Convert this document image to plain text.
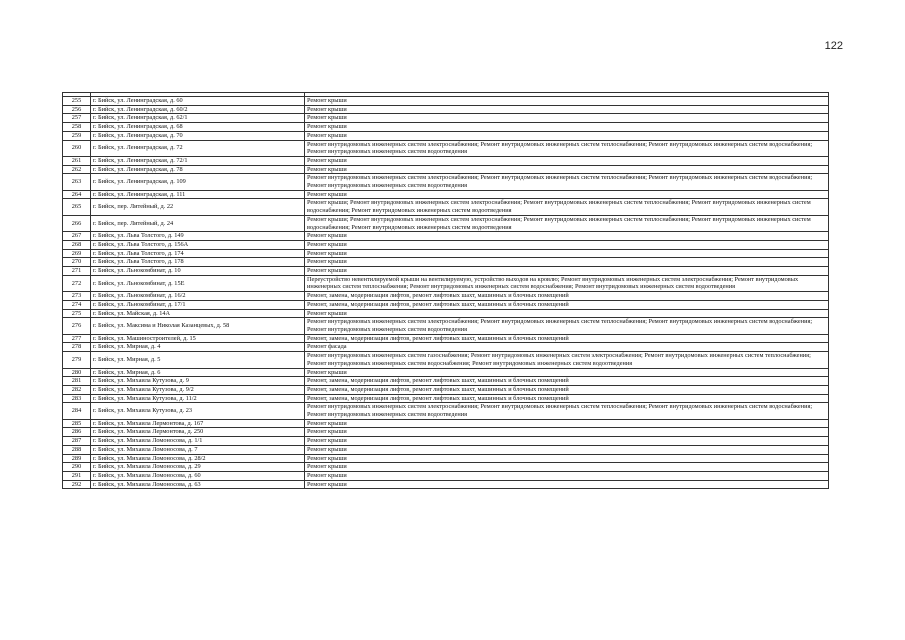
122

255	г. Бийск, ул. Ленинградская, д. 60	Ремонт крыши
256	г. Бийск, ул. Ленинградская, д. 60/2	Ремонт крыши
257	г. Бийск, ул. Ленинградская, д. 62/1	Ремонт крыши
258	г. Бийск, ул. Ленинградская, д. 68	Ремонт крыши
259	г. Бийск, ул. Ленинградская, д. 70	Ремонт крыши
260	г. Бийск, ул. Ленинградская, д. 72	Ремонт внутридомовых инженерных систем электроснабжения; Ремонт внутридомовых инженерных систем теплоснабжения; Ремонт внутридомовых инженерных систем водоснабжения; Ремонт внутридомовых инженерных систем водоотведения
261	г. Бийск, ул. Ленинградская, д. 72/1	Ремонт крыши
262	г. Бийск, ул. Ленинградская, д. 78	Ремонт крыши
263	г. Бийск, ул. Ленинградская, д. 109	Ремонт внутридомовых инженерных систем электроснабжения; Ремонт внутридомовых инженерных систем теплоснабжения; Ремонт внутридомовых инженерных систем водоснабжения; Ремонт внутридомовых инженерных систем водоотведения
264	г. Бийск, ул. Ленинградская, д. 111	Ремонт крыши
265	г. Бийск, пер. Литейный, д. 22	Ремонт крыши; Ремонт внутридомовых инженерных систем электроснабжения; Ремонт внутридомовых инженерных систем теплоснабжения; Ремонт внутридомовых инженерных систем водоснабжения; Ремонт внутридомовых инженерных систем водоотведения
266	г. Бийск, пер. Литейный, д. 24	Ремонт крыши; Ремонт внутридомовых инженерных систем электроснабжения; Ремонт внутридомовых инженерных систем теплоснабжения; Ремонт внутридомовых инженерных систем водоснабжения; Ремонт внутридомовых инженерных систем водоотведения
267	г. Бийск, ул. Льва Толстого, д. 149	Ремонт крыши
268	г. Бийск, ул. Льва Толстого, д. 156А	Ремонт крыши
269	г. Бийск, ул. Льва Толстого, д. 174	Ремонт крыши
270	г. Бийск, ул. Льва Толстого, д. 178	Ремонт крыши
271	г. Бийск, ул. Льнокомбинат, д. 10	Ремонт крыши
272	г. Бийск, ул. Льнокомбинат, д. 15Е	Переустройство невентилируемой крыши на вентилируемую, устройство выходов на кровлю; Ремонт внутридомовых инженерных систем электроснабжения; Ремонт внутридомовых инженерных систем теплоснабжения; Ремонт внутридомовых инженерных систем водоснабжения; Ремонт внутридомовых инженерных систем водоотведения
273	г. Бийск, ул. Льнокомбинат, д. 16/2	Ремонт, замена, модернизация лифтов, ремонт лифтовых шахт, машинных и блочных помещений
274	г. Бийск, ул. Льнокомбинат, д. 17/1	Ремонт, замена, модернизация лифтов, ремонт лифтовых шахт, машинных и блочных помещений
275	г. Бийск, ул. Майская, д. 14А	Ремонт крыши
276	г. Бийск, ул. Максима и Николая Казанцевых, д. 58	Ремонт внутридомовых инженерных систем электроснабжения; Ремонт внутридомовых инженерных систем теплоснабжения; Ремонт внутридомовых инженерных систем водоснабжения; Ремонт внутридомовых инженерных систем водоотведения
277	г. Бийск, ул. Машиностроителей, д. 15	Ремонт, замена, модернизация лифтов, ремонт лифтовых шахт, машинных и блочных помещений
278	г. Бийск, ул. Мирная, д. 4	Ремонт фасада
279	г. Бийск, ул. Мирная, д. 5	Ремонт внутридомовых инженерных систем газоснабжения; Ремонт внутридомовых инженерных систем электроснабжения; Ремонт внутридомовых инженерных систем теплоснабжения; Ремонт внутридомовых инженерных систем водоснабжения; Ремонт внутридомовых инженерных систем водоотведения
280	г. Бийск, ул. Мирная, д. 6	Ремонт крыши
281	г. Бийск, ул. Михаила Кутузова, д. 9	Ремонт, замена, модернизация лифтов, ремонт лифтовых шахт, машинных и блочных помещений
282	г. Бийск, ул. Михаила Кутузова, д. 9/2	Ремонт, замена, модернизация лифтов, ремонт лифтовых шахт, машинных и блочных помещений
283	г. Бийск, ул. Михаила Кутузова, д. 11/2	Ремонт, замена, модернизация лифтов, ремонт лифтовых шахт, машинных и блочных помещений
284	г. Бийск, ул. Михаила Кутузова, д. 23	Ремонт внутридомовых инженерных систем электроснабжения; Ремонт внутридомовых инженерных систем теплоснабжения; Ремонт внутридомовых инженерных систем водоснабжения; Ремонт внутридомовых инженерных систем водоотведения
285	г. Бийск, ул. Михаила Лермонтова, д. 167	Ремонт крыши
286	г. Бийск, ул. Михаила Лермонтова, д. 250	Ремонт крыши
287	г. Бийск, ул. Михаила Ломоносова, д. 1/1	Ремонт крыши
288	г. Бийск, ул. Михаила Ломоносова, д. 7	Ремонт крыши
289	г. Бийск, ул. Михаила Ломоносова, д. 28/2	Ремонт крыши
290	г. Бийск, ул. Михаила Ломоносова, д. 29	Ремонт крыши
291	г. Бийск, ул. Михаила Ломоносова, д. 60	Ремонт крыши
292	г. Бийск, ул. Михаила Ломоносова, д. 63	Ремонт крыши
